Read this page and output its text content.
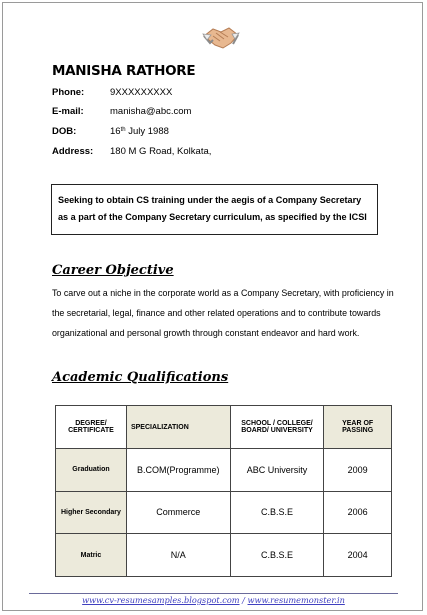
MANISHA RATHORE
Phone:	9XXXXXXXXX
E-mail:	manisha@abc.com
DOB:	16th July 1988
Address:	180 M G Road, Kolkata,
Seeking to obtain CS training under the aegis of a Company Secretary as a part of the Company Secretary curriculum, as specified by the ICSI
Career Objective
To carve out a niche in the corporate world as a Company Secretary, with proficiency in the secretarial, legal, finance and other related operations and to contribute towards organizational and personal growth through constant endeavor and hard work.
Academic Qualifications
DEGREE/ CERTIFICATE	SPECIALIZATION	SCHOOL / COLLEGE/ BOARD/ UNIVERSITY	YEAR OF PASSING
Graduation	B.COM(Programme)	ABC University	2009
Higher Secondary	Commerce	C.B.S.E	2006
Matric	N/A	C.B.S.E	2004
www.cv-resumesamples.blogspot.com / www.resumemonster.in
